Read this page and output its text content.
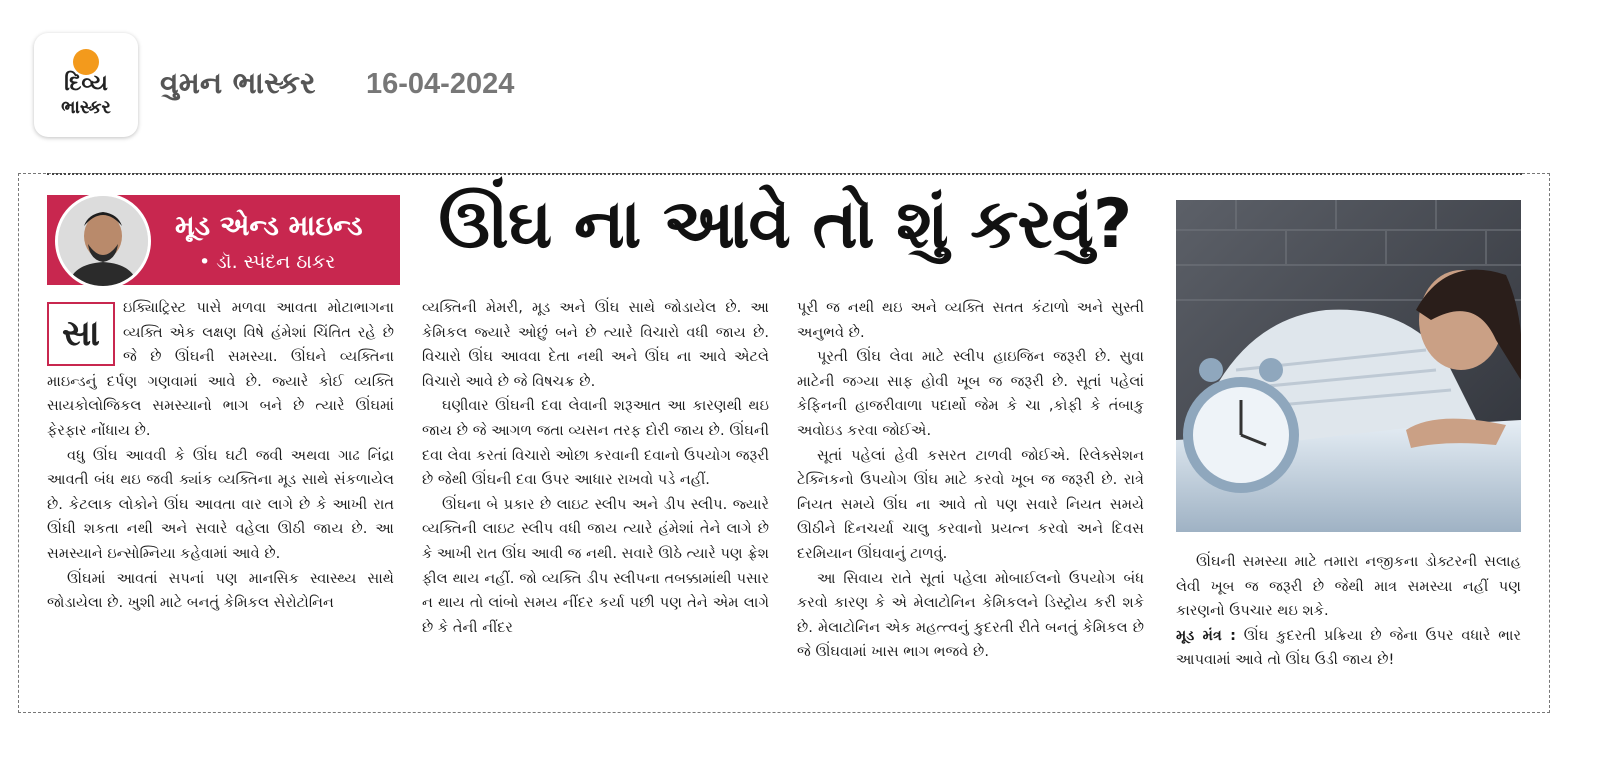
દિવ્ય
ભાસ્કર
વુમન ભાસ્કર 16-04-2024
મૂડ એન્ડ માઇન્ડ
• ડૉ. સ્પંદન ઠાકર	ઊંઘ ના આવે તો શું કરવું?
સા

ઇક્યિાટ્રિસ્ટ પાસે મળવા આવતા મોટાભાગના વ્યક્તિ એક લક્ષણ વિષે હંમેશાં ચિંતિત રહે છે જે છે ઊંઘની સમસ્યા. ઊંઘને વ્યક્તિના માઇન્ડનું દર્પણ ગણવામાં આવે છે. જ્યારે કોઈ વ્યક્તિ સાયકોલોજિકલ સમસ્યાનો ભાગ બને છે ત્યારે ઊંઘમાં ફેરફાર નોંધાય છે.

વધુ ઊંઘ આવવી કે ઊંઘ ઘટી જવી અથવા ગાઢ નિંદ્રા આવતી બંધ થઇ જવી ક્યાંક વ્યક્તિના મૂડ સાથે સંકળાયેલ છે. કેટલાક લોકોને ઊંઘ આવતા વાર લાગે છે કે આખી રાત ઊંઘી શકતા નથી અને સવારે વહેલા ઊઠી જાય છે. આ સમસ્યાને ઇન્સોમ્નિયા કહેવામાં આવે છે.

ઊંઘમાં આવતાં સપનાં પણ માનસિક સ્વાસ્થ્ય સાથે જોડાયેલા છે. ખુશી માટે બનતું કેમિકલ સેરોટોનિન

વ્યક્તિની મેમરી, મૂડ અને ઊંઘ સાથે જોડાયેલ છે. આ કેમિકલ જ્યારે ઓછું બને છે ત્યારે વિચારો વધી જાય છે. વિચારો ઊંઘ આવવા દેતા નથી અને ઊંઘ ના આવે એટલે વિચારો આવે છે જે વિષચક્ર છે.

ઘણીવાર ઊંઘની દવા લેવાની શરૂઆત આ કારણથી થઇ જાય છે જે આગળ જતા વ્યસન તરફ દોરી જાય છે. ઊંઘની દવા લેવા કરતાં વિચારો ઓછા કરવાની દવાનો ઉપયોગ જરૂરી છે જેથી ઊંઘની દવા ઉપર આધાર રાખવો પડે નહીં.

ઊંઘના બે પ્રકાર છે લાઇટ સ્લીપ અને ડીપ સ્લીપ. જ્યારે વ્યક્તિની લાઇટ સ્લીપ વધી જાય ત્યારે હંમેશાં તેને લાગે છે કે આખી રાત ઊંઘ આવી જ નથી. સવારે ઊઠે ત્યારે પણ ફ્રેશ ફીલ થાય નહીં. જો વ્યક્તિ ડીપ સ્લીપના તબક્કામાંથી પસાર ન થાય તો લાંબો સમય નીંદર કર્યા પછી પણ તેને એમ લાગે છે કે તેની નીંદર

પૂરી જ નથી થઇ અને વ્યક્તિ સતત કંટાળો અને સુસ્તી અનુભવે છે.

પૂરતી ઊંઘ લેવા માટે સ્લીપ હાઇજિન જરૂરી છે. સુવા માટેની જગ્યા સાફ હોવી ખૂબ જ જરૂરી છે. સૂતાં પહેલાં કેફિનની હાજરીવાળા પદાર્થો જેમ કે ચા ,કોફી કે તંબાકુ અવોઇડ કરવા જોઈએ.

સૂતાં પહેલાં હેવી કસરત ટાળવી જોઈએ. રિલેક્સેશન ટેક્નિકનો ઉપયોગ ઊંઘ માટે કરવો ખૂબ જ જરૂરી છે. રાત્રે નિયત સમયે ઊંઘ ના આવે તો પણ સવારે નિયત સમયે ઊઠીને દિનચર્યા ચાલુ કરવાનો પ્રયત્ન કરવો અને દિવસ દરમિયાન ઊંઘવાનું ટાળવું.

આ સિવાય રાતે સૂતાં પહેલા મોબાઈલનો ઉપયોગ બંધ કરવો કારણ કે એ મેલાટોનિન કેમિકલને ડિસ્ટ્રોય કરી શકે છે. મેલાટોનિન એક મહત્ત્વનું કુદરતી રીતે બનતું કેમિકલ છે જે ઊંઘવામાં ખાસ ભાગ ભજવે છે.

ઊંઘની સમસ્યા માટે તમારા નજીકના ડોક્ટરની સલાહ લેવી ખૂબ જ જરૂરી છે જેથી માત્ર સમસ્યા નહીં પણ કારણનો ઉપચાર થઇ શકે.

મૂડ મંત્ર : ઊંઘ કુદરતી પ્રક્રિયા છે જેના ઉપર વધારે ભાર આપવામાં આવે તો ઊંઘ ઉડી જાય છે!
